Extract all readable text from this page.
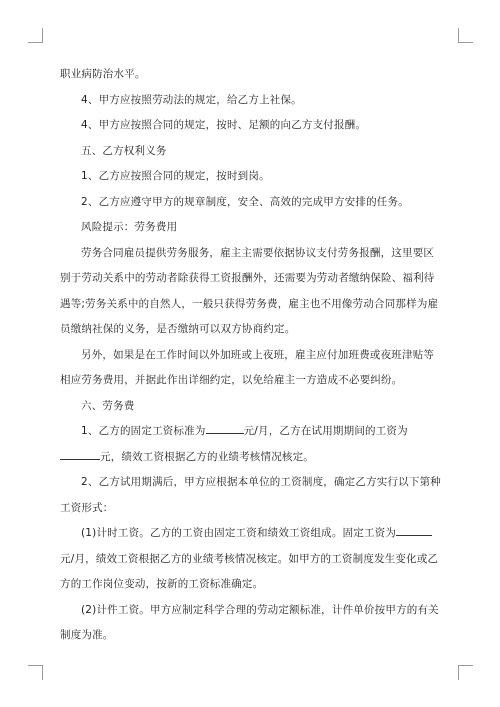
职业病防治水平。

4、甲方应按照劳动法的规定，给乙方上社保。

4、甲方应按照合同的规定，按时、足额的向乙方支付报酬。

五、乙方权利义务

1、乙方应按照合同的规定，按时到岗。

2、乙方应遵守甲方的规章制度，安全、高效的完成甲方安排的任务。

风险提示：劳务费用

劳务合同雇员提供劳务服务，雇主主需要依据协议支付劳务报酬，这里要区别于劳动关系中的劳动者除获得工资报酬外，还需要为劳动者缴纳保险、福利待遇等;劳务关系中的自然人，一般只获得劳务费，雇主也不用像劳动合同那样为雇员缴纳社保的义务，是否缴纳可以双方协商约定。

另外，如果是在工作时间以外加班或上夜班，雇主应付加班费或夜班津贴等相应劳务费用，并据此作出详细约定，以免给雇主一方造成不必要纠纷。

六、劳务费

1、乙方的固定工资标准为	元/月，乙方在试用期期间的工资为元，绩效工资根据乙方的业绩考核情况核定。

2、乙方试用期满后，甲方应根据本单位的工资制度，确定乙方实行以下第种工资形式：

(1)计时工资。乙方的工资由固定工资和绩效工资组成。固定工资为元/月，绩效工资根据乙方的业绩考核情况核定。如甲方的工资制度发生变化或乙方的工作岗位变动，按新的工资标准确定。

(2)计件工资。甲方应制定科学合理的劳动定额标准，计件单价按甲方的有关制度为准。
